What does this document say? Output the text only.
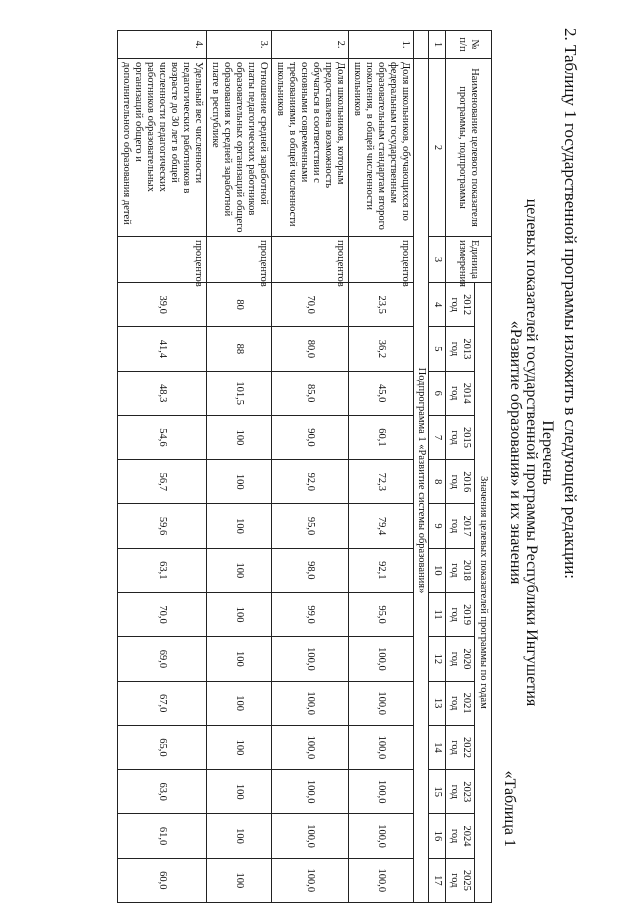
2. Таблицу 1 государственной программы изложить в следующей редакции:
«Таблица 1
Перечень
целевых показателей государственной программы Республики Ингушетия
«Развитие образования» и их значения
№ п/п	Наименование целевого показателя программы, подпрограммы	Единица измерения	Значения целевых показателей программы по годам													
			2012 год	2013 год	2014 год	2015 год	2016 год	2017 год	2018 год	2019 год	2020 год	2021 год	2022 год	2023 год	2024 год	2025 год
1	2	3	4	5	6	7	8	9	10	11	12	13	14	15	16	17
	Подпрограмма 1 «Развитие системы образования»															
1.	Доля школьников, обучающихся по федеральным государственным образовательным стандартам второго поколения, в общей численности школьников	процентов	23,5	36,2	45,0	60,1	72,3	79,4	92,1	95,0	100,0	100,0	100,0	100,0	100,0	100,0
2.	Доля школьников, которым предоставлена возможность обучаться в соответствии с основными современными требованиями, в общей численности школьников	процентов	70,0	80,0	85,0	90,0	92,0	95,0	98,0	99,0	100,0	100,0	100,0	100,0	100,0	100,0
3.	Отношение средней заработной платы педагогических работников образовательных организаций общего образования к средней заработной плате в республике	процентов	80	88	101,5	100	100	100	100	100	100	100	100	100	100	100
4.	Удельный вес численности педагогических работников в возрасте до 30 лет в общей численности педагогических работников образовательных организаций общего и дополнительного образования детей	процентов	39,0	41,4	48,3	54,6	56,7	59,6	63,1	70,0	69,0	67,0	65,0	63,0	61,0	60,0
